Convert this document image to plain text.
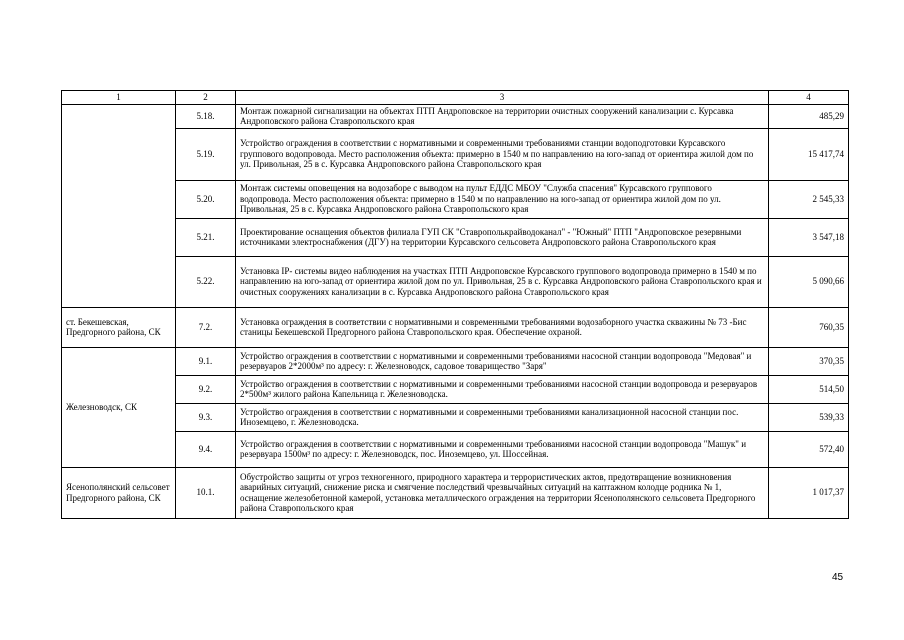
1	2	3	4
	5.18.	Монтаж пожарной сигнализации на объектах ПТП Андроповское на территории очистных сооружений канализации с. Курсавка Андроповского района Ставропольского края	485,29
	5.19.	Устройство ограждения в соответствии с нормативными и современными требованиями станции водоподготовки Курсавского группового водопровода. Место расположения объекта: примерно в 1540 м по направлению на юго-запад от ориентира жилой дом по ул. Привольная, 25 в с. Курсавка Андроповского района Ставропольского края	15 417,74
	5.20.	Монтаж системы оповещения на водозаборе с выводом на пульт ЕДДС МБОУ "Служба спасения" Курсавского группового водопровода. Место расположения объекта: примерно в 1540 м по направлению на юго-запад от ориентира жилой дом по ул. Привольная, 25 в с. Курсавка Андроповского района Ставропольского края	2 545,33
	5.21.	Проектирование оснащения объектов филиала ГУП СК "Ставрополькрайводоканал" - "Южный" ПТП "Андроповское резервными источниками электроснабжения (ДГУ) на территории Курсавского сельсовета Андроповского района Ставропольского края	3 547,18
	5.22.	Установка IP- системы видео наблюдения на участках ПТП Андроповское Курсавского группового водопровода примерно в 1540 м по направлению на юго-запад от ориентира жилой дом по ул. Привольная, 25 в с. Курсавка Андроповского района Ставропольского края и очистных сооружениях канализации в с. Курсавка Андроповского района Ставропольского края	5 090,66
ст. Бекешевская, Предгорного района, СК	7.2.	Установка ограждения в соответствии с нормативными и современными требованиями водозаборного участка скважины № 73 -Бис станицы Бекешевской Предгорного района Ставропольского края. Обеспечение охраной.	760,35
Железноводск, СК	9.1.	Устройство ограждения в соответствии с нормативными и современными требованиями насосной станции водопровода "Медовая" и резервуаров 2*2000м³ по адресу: г. Железноводск, садовое товарищество "Заря"	370,35
	9.2.	Устройство ограждения в соответствии с нормативными и современными требованиями насосной станции водопровода и резервуаров 2*500м³ жилого района Капельница г. Железноводска.	514,50
	9.3.	Устройство ограждения в соответствии с нормативными и современными требованиями канализационной насосной станции пос. Иноземцево, г. Железноводска.	539,33
	9.4.	Устройство ограждения в соответствии с нормативными и современными требованиями насосной станции водопровода "Машук" и резервуара 1500м³ по адресу: г. Железноводск, пос. Иноземцево, ул. Шоссейная.	572,40
Ясенополянский сельсовет Предгорного района, СК	10.1.	Обустройство защиты от угроз техногенного, природного характера и террористических актов, предотвращение возникновения аварийных ситуаций, снижение риска и смягчение последствий чрезвычайных ситуаций на каптажном колодце родника № 1, оснащение железобетонной камерой, установка металлического ограждения на территории Ясенополянского сельсовета Предгорного района Ставропольского края	1 017,37
45
